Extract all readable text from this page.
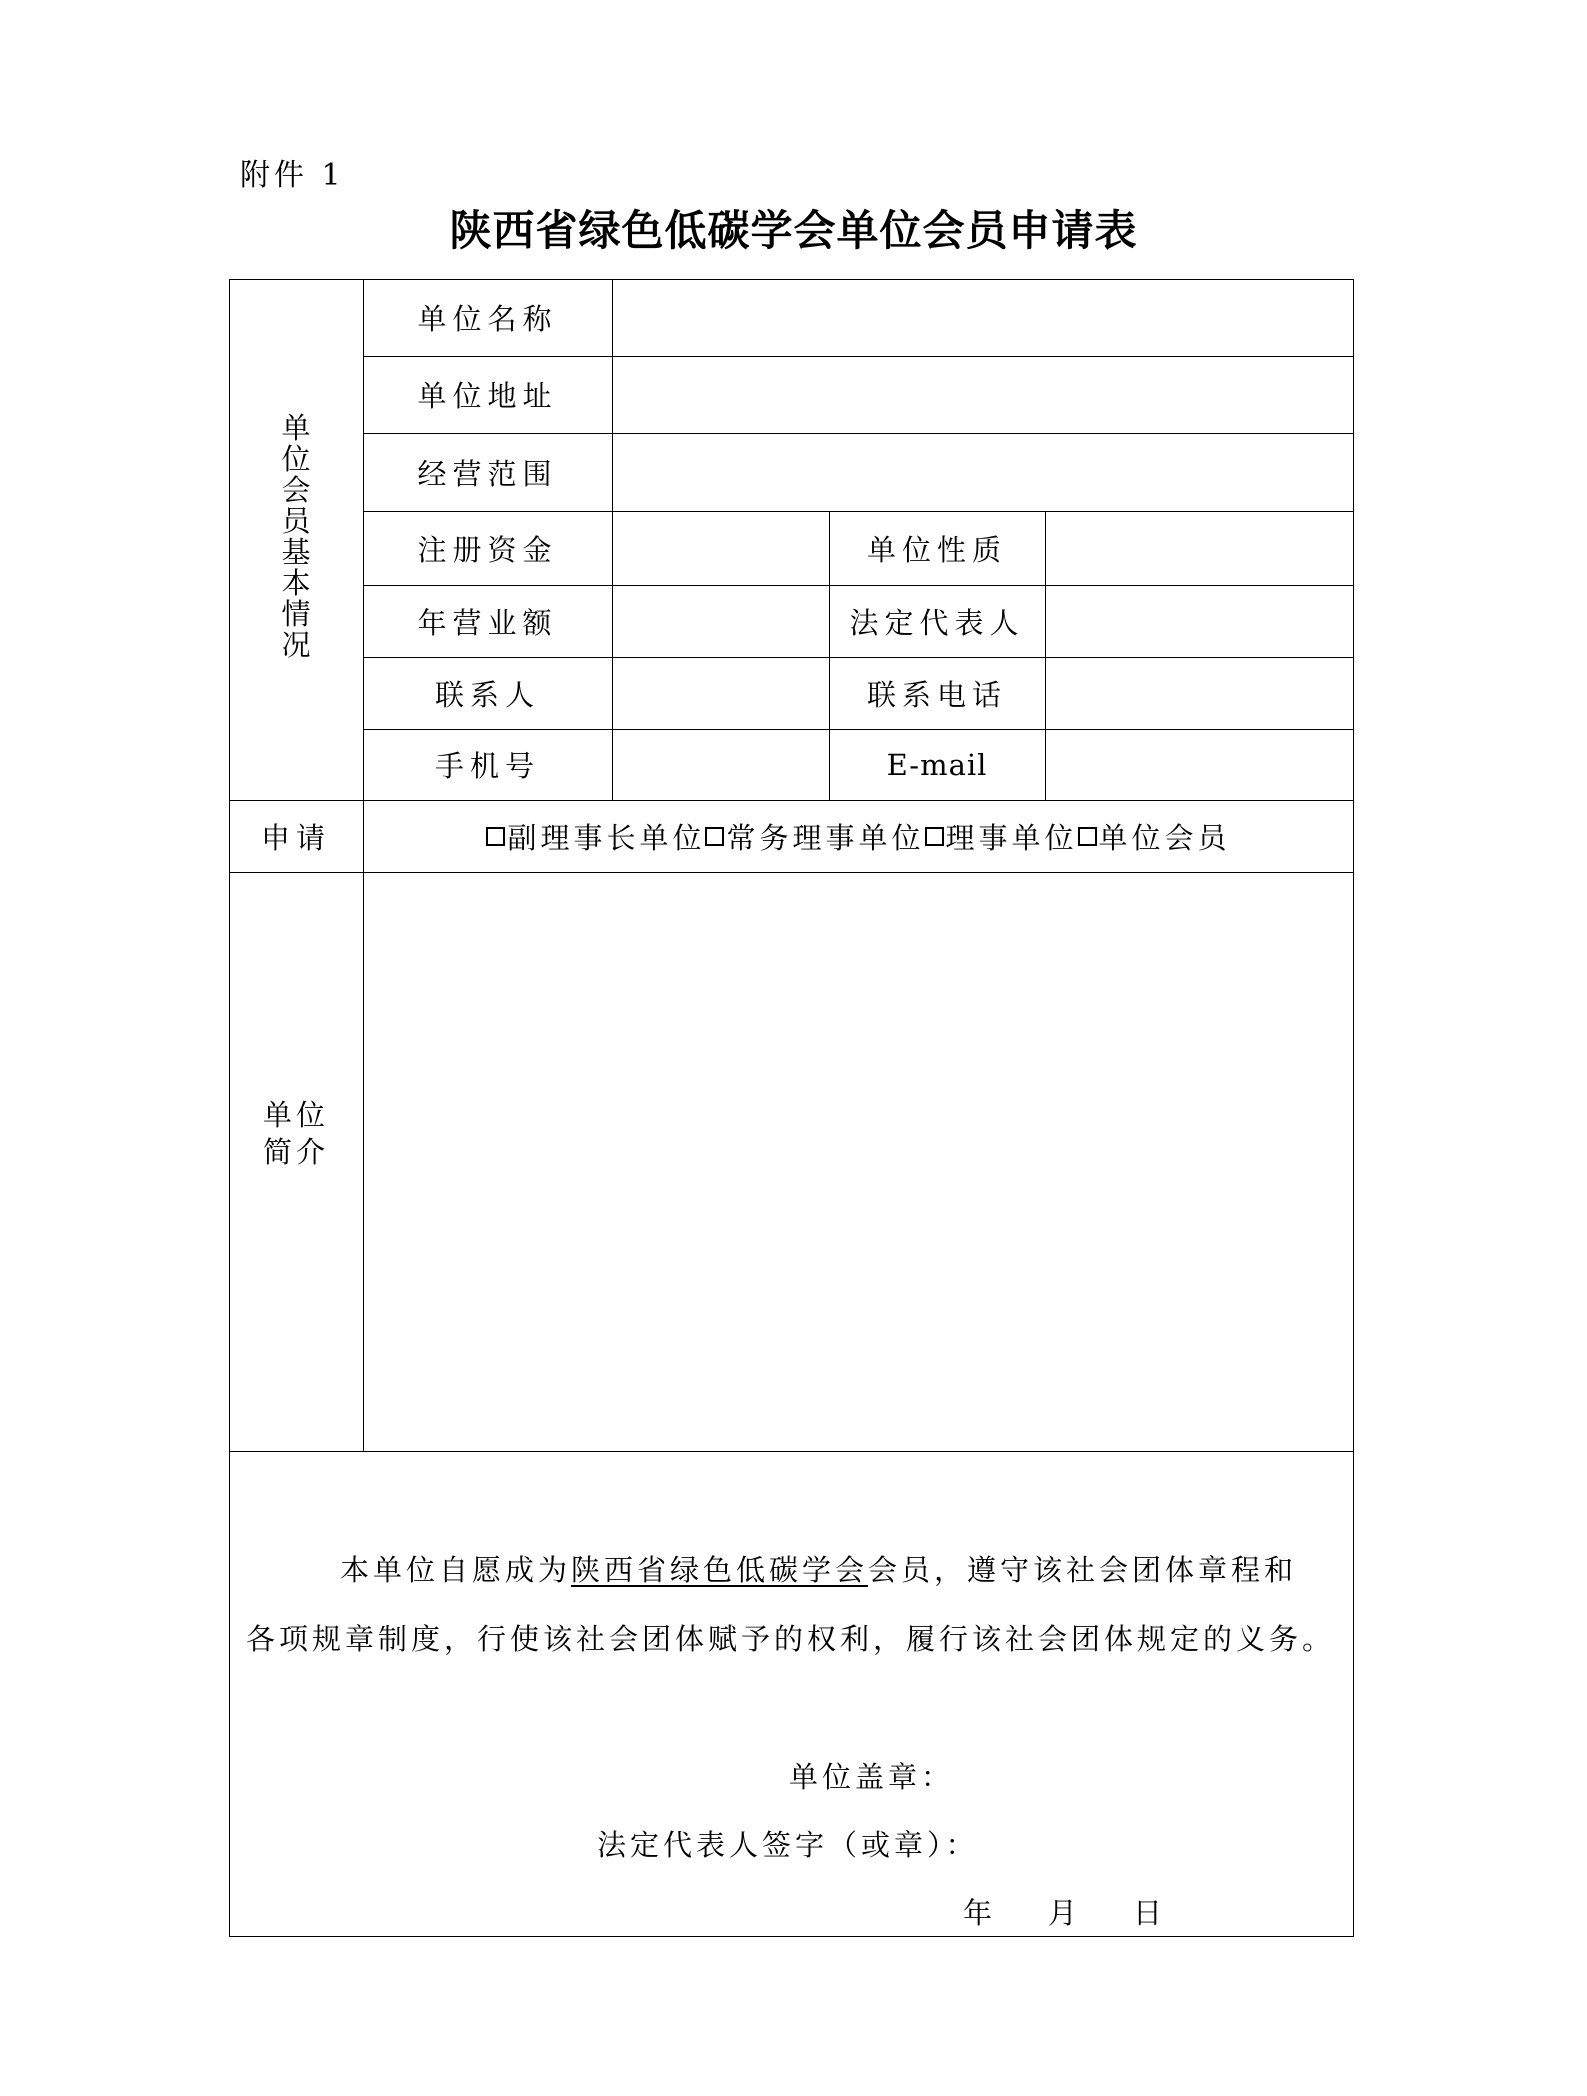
附件 1
陕西省绿色低碳学会单位会员申请表
单
位
会
员
基
本
情
况
单位名称
单位地址
经营范围
注册资金	单位性质
年营业额	法定代表人
联系人	联系电话
手机号	E-mail
申请	副理事长单位 常务理事单位 理事单位 单位会员
单位
简介
本单位自愿成为陕西省绿色低碳学会会员，遵守该社会团体章程和
各项规章制度，行使该社会团体赋予的权利，履行该社会团体规定的义务。
单位盖章：
法定代表人签字（或章）：
年 月 日
